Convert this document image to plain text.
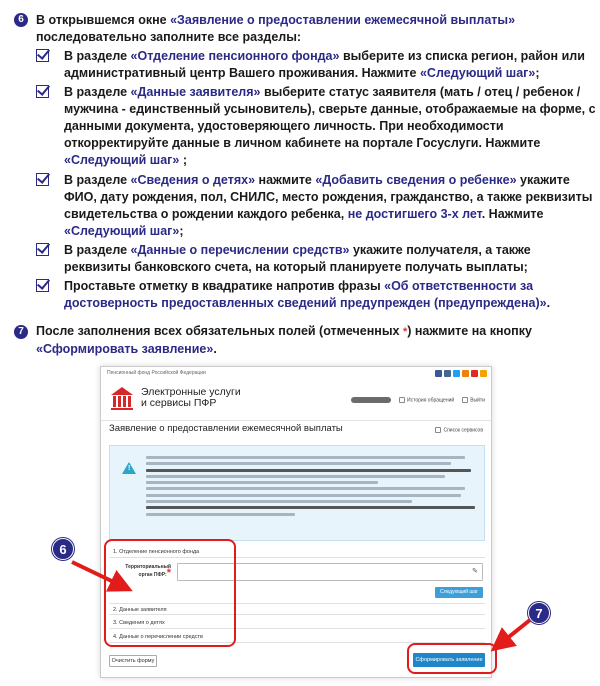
6 В открывшемся окне «Заявление о предоставлении ежемесячной выплаты»
последовательно заполните все разделы:
В разделе «Отделение пенсионного фонда» выберите из списка регион, район или административный центр Вашего проживания. Нажмите «Следующий шаг»;
В разделе «Данные заявителя» выберите статус заявителя (мать / отец / ребенок / мужчина - единственный усыновитель), сверьте данные, отображаемые на форме, с данными документа, удостоверяющего личность. При необходимости откорректируйте данные в личном кабинете на портале Госуслуги. Нажмите «Следующий шаг» ;
В разделе «Сведения о детях» нажмите «Добавить сведения о ребенке» укажите ФИО, дату рождения, пол, СНИЛС, место рождения, гражданство, а также реквизиты свидетельства о рождении каждого ребенка, не достигшего 3-х лет. Нажмите «Следующий шаг»;
В разделе «Данные о перечислении средств» укажите получателя, а также реквизиты банковского счета, на который планируете получать выплаты;
Проставьте отметку в квадратике напротив фразы «Об ответственности за достоверность предоставленных сведений предупрежден (предупреждена)».
7 После заполнения всех обязательных полей (отмеченных *) нажмите на кнопку
«Сформировать заявление».
Пенсионный фонд Российской Федерации
Электронные услуги
и сервисы ПФР	История обращений	Выйти
Заявление о предоставлении ежемесячной выплаты	Список сервисов
!
1. Отделение пенсионного фонда
Территориальный орган ПФР:*	✎
Следующий шаг
2. Данные заявителя
3. Сведения о детях
4. Данные о перечислении средств
Очистить форму	Сформировать заявление
6
7
